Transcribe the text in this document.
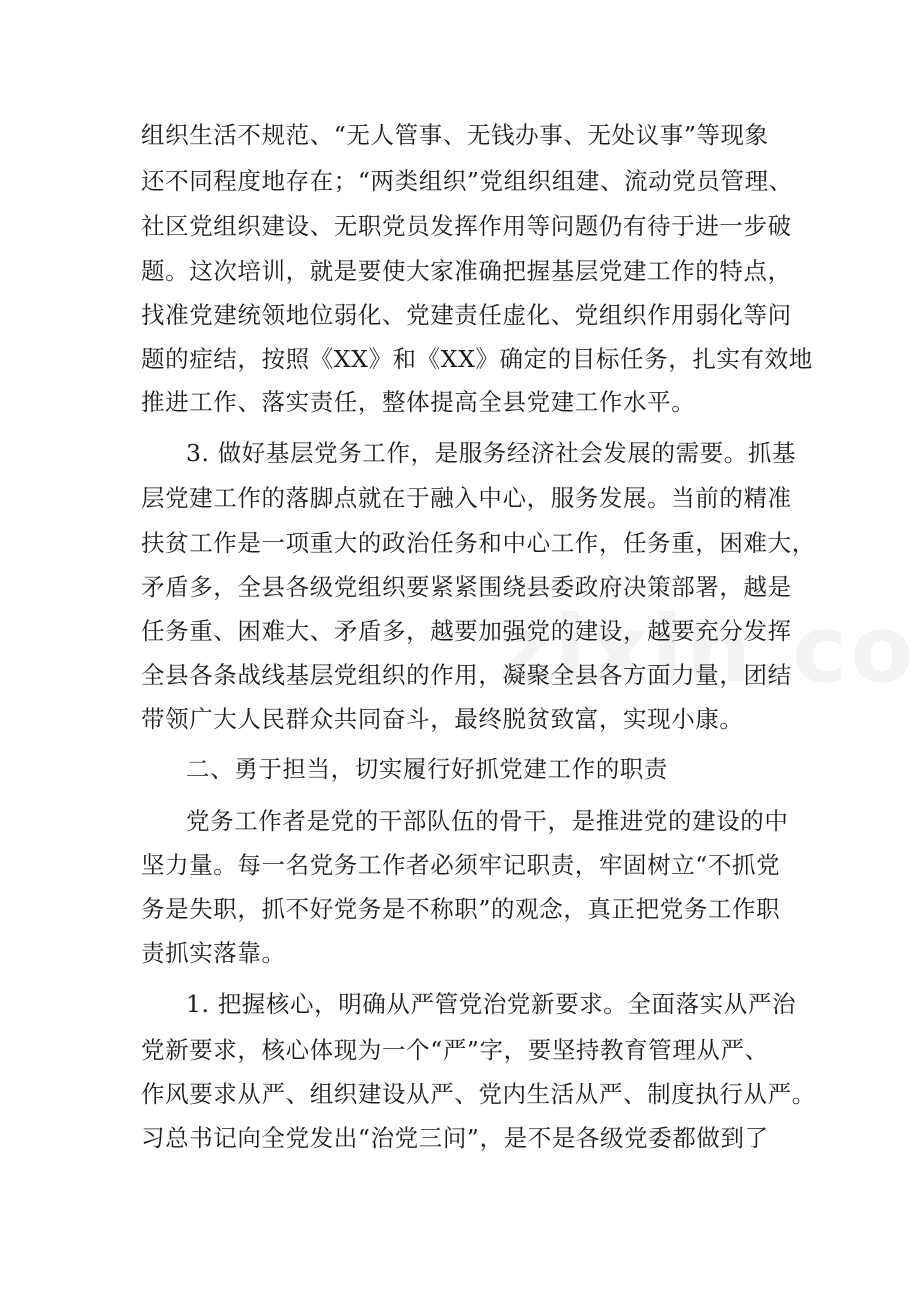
组织生活不规范、“无人管事、无钱办事、无处议事”等现象
还不同程度地存在；“两类组织”党组织组建、流动党员管理、
社区党组织建设、无职党员发挥作用等问题仍有待于进一步破
题。这次培训，就是要使大家准确把握基层党建工作的特点，
找准党建统领地位弱化、党建责任虚化、党组织作用弱化等问
题的症结，按照《XX》和《XX》确定的目标任务，扎实有效地
推进工作、落实责任，整体提高全县党建工作水平。
3. 做好基层党务工作，是服务经济社会发展的需要。抓基
层党建工作的落脚点就在于融入中心，服务发展。当前的精准
扶贫工作是一项重大的政治任务和中心工作，任务重，困难大，
矛盾多，全县各级党组织要紧紧围绕县委政府决策部署，越是
任务重、困难大、矛盾多，越要加强党的建设，越要充分发挥
全县各条战线基层党组织的作用，凝聚全县各方面力量，团结
带领广大人民群众共同奋斗，最终脱贫致富，实现小康。
二、勇于担当，切实履行好抓党建工作的职责
党务工作者是党的干部队伍的骨干，是推进党的建设的中
坚力量。每一名党务工作者必须牢记职责，牢固树立“不抓党
务是失职，抓不好党务是不称职”的观念，真正把党务工作职
责抓实落靠。
1. 把握核心，明确从严管党治党新要求。全面落实从严治
党新要求，核心体现为一个“严”字，要坚持教育管理从严、
作风要求从严、组织建设从严、党内生活从严、制度执行从严。
习总书记向全党发出“治党三问”，是不是各级党委都做到了
